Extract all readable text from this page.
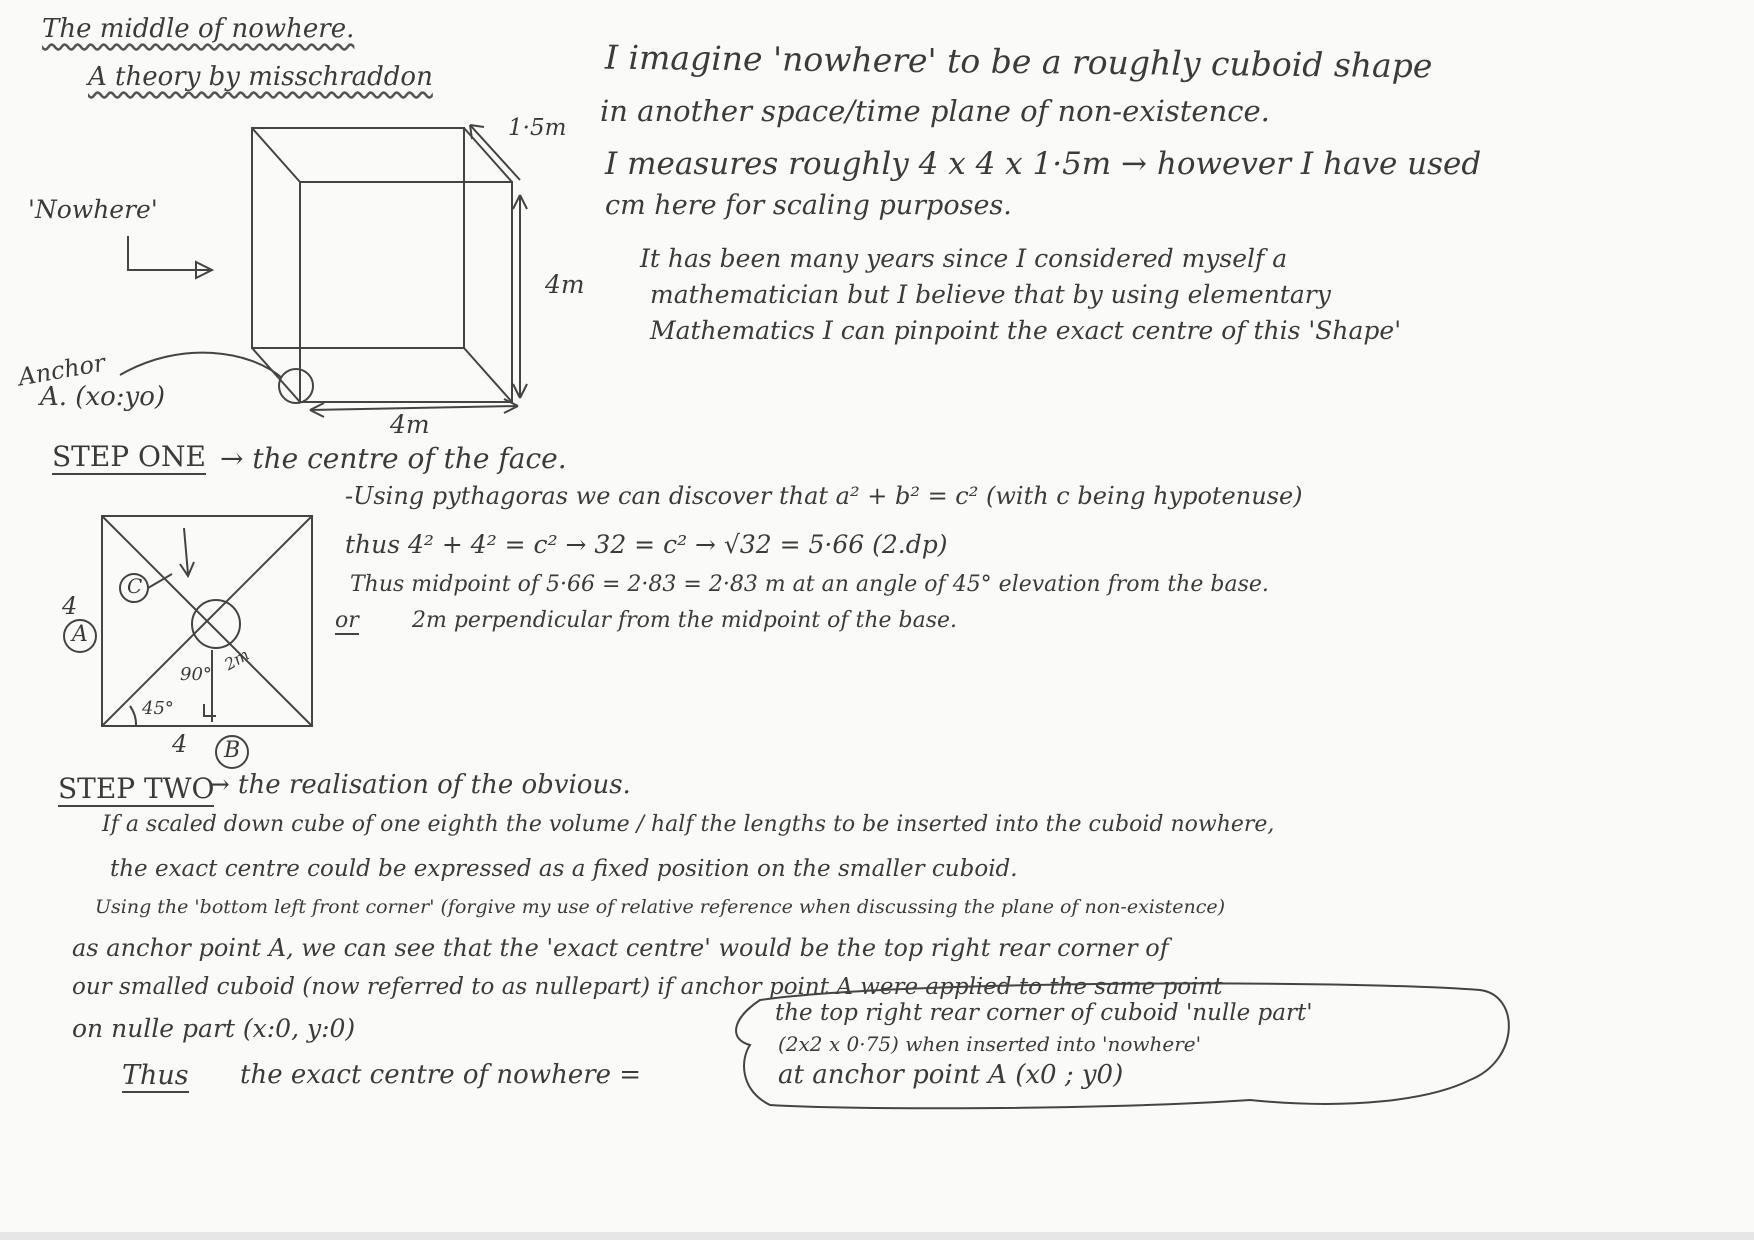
The middle of nowhere.
A theory by misschraddon	I imagine 'nowhere' to be a roughly cuboid shape
in another space/time plane of non-existence.
I measures roughly 4 x 4 x 1·5m → however I have used
cm here for scaling purposes.
It has been many years since I considered myself a
mathematician but I believe that by using elementary
Mathematics I can pinpoint the exact centre of this 'Shape'
'Nowhere'
1·5m
4m
4m
Anchor
A. (xo:yo)
STEP ONE → the centre of the face.
-Using pythagoras we can discover that a² + b² = c² (with c being hypotenuse)
thus 4² + 4² = c² → 32 = c² → √32 = 5·66 (2.dp)
Thus midpoint of 5·66 = 2·83 = 2·83 m at an angle of 45° elevation from the base.
or 2m perpendicular from the midpoint of the base.
4
A
4 B
C
45°
90°
2m
STEP TWO
→ the realisation of the obvious.
If a scaled down cube of one eighth the volume / half the lengths to be inserted into the cuboid nowhere,
the exact centre could be expressed as a fixed position on the smaller cuboid.
Using the 'bottom left front corner' (forgive my use of relative reference when discussing the plane of non-existence)
as anchor point A, we can see that the 'exact centre' would be the top right rear corner of
our smalled cuboid (now referred to as nullepart) if anchor point A were applied to the same point
on nulle part (x:0, y:0)
Thus the exact centre of nowhere =
the top right rear corner of cuboid 'nulle part'
(2x2 x 0·75) when inserted into 'nowhere'
at anchor point A (x0 ; y0)
